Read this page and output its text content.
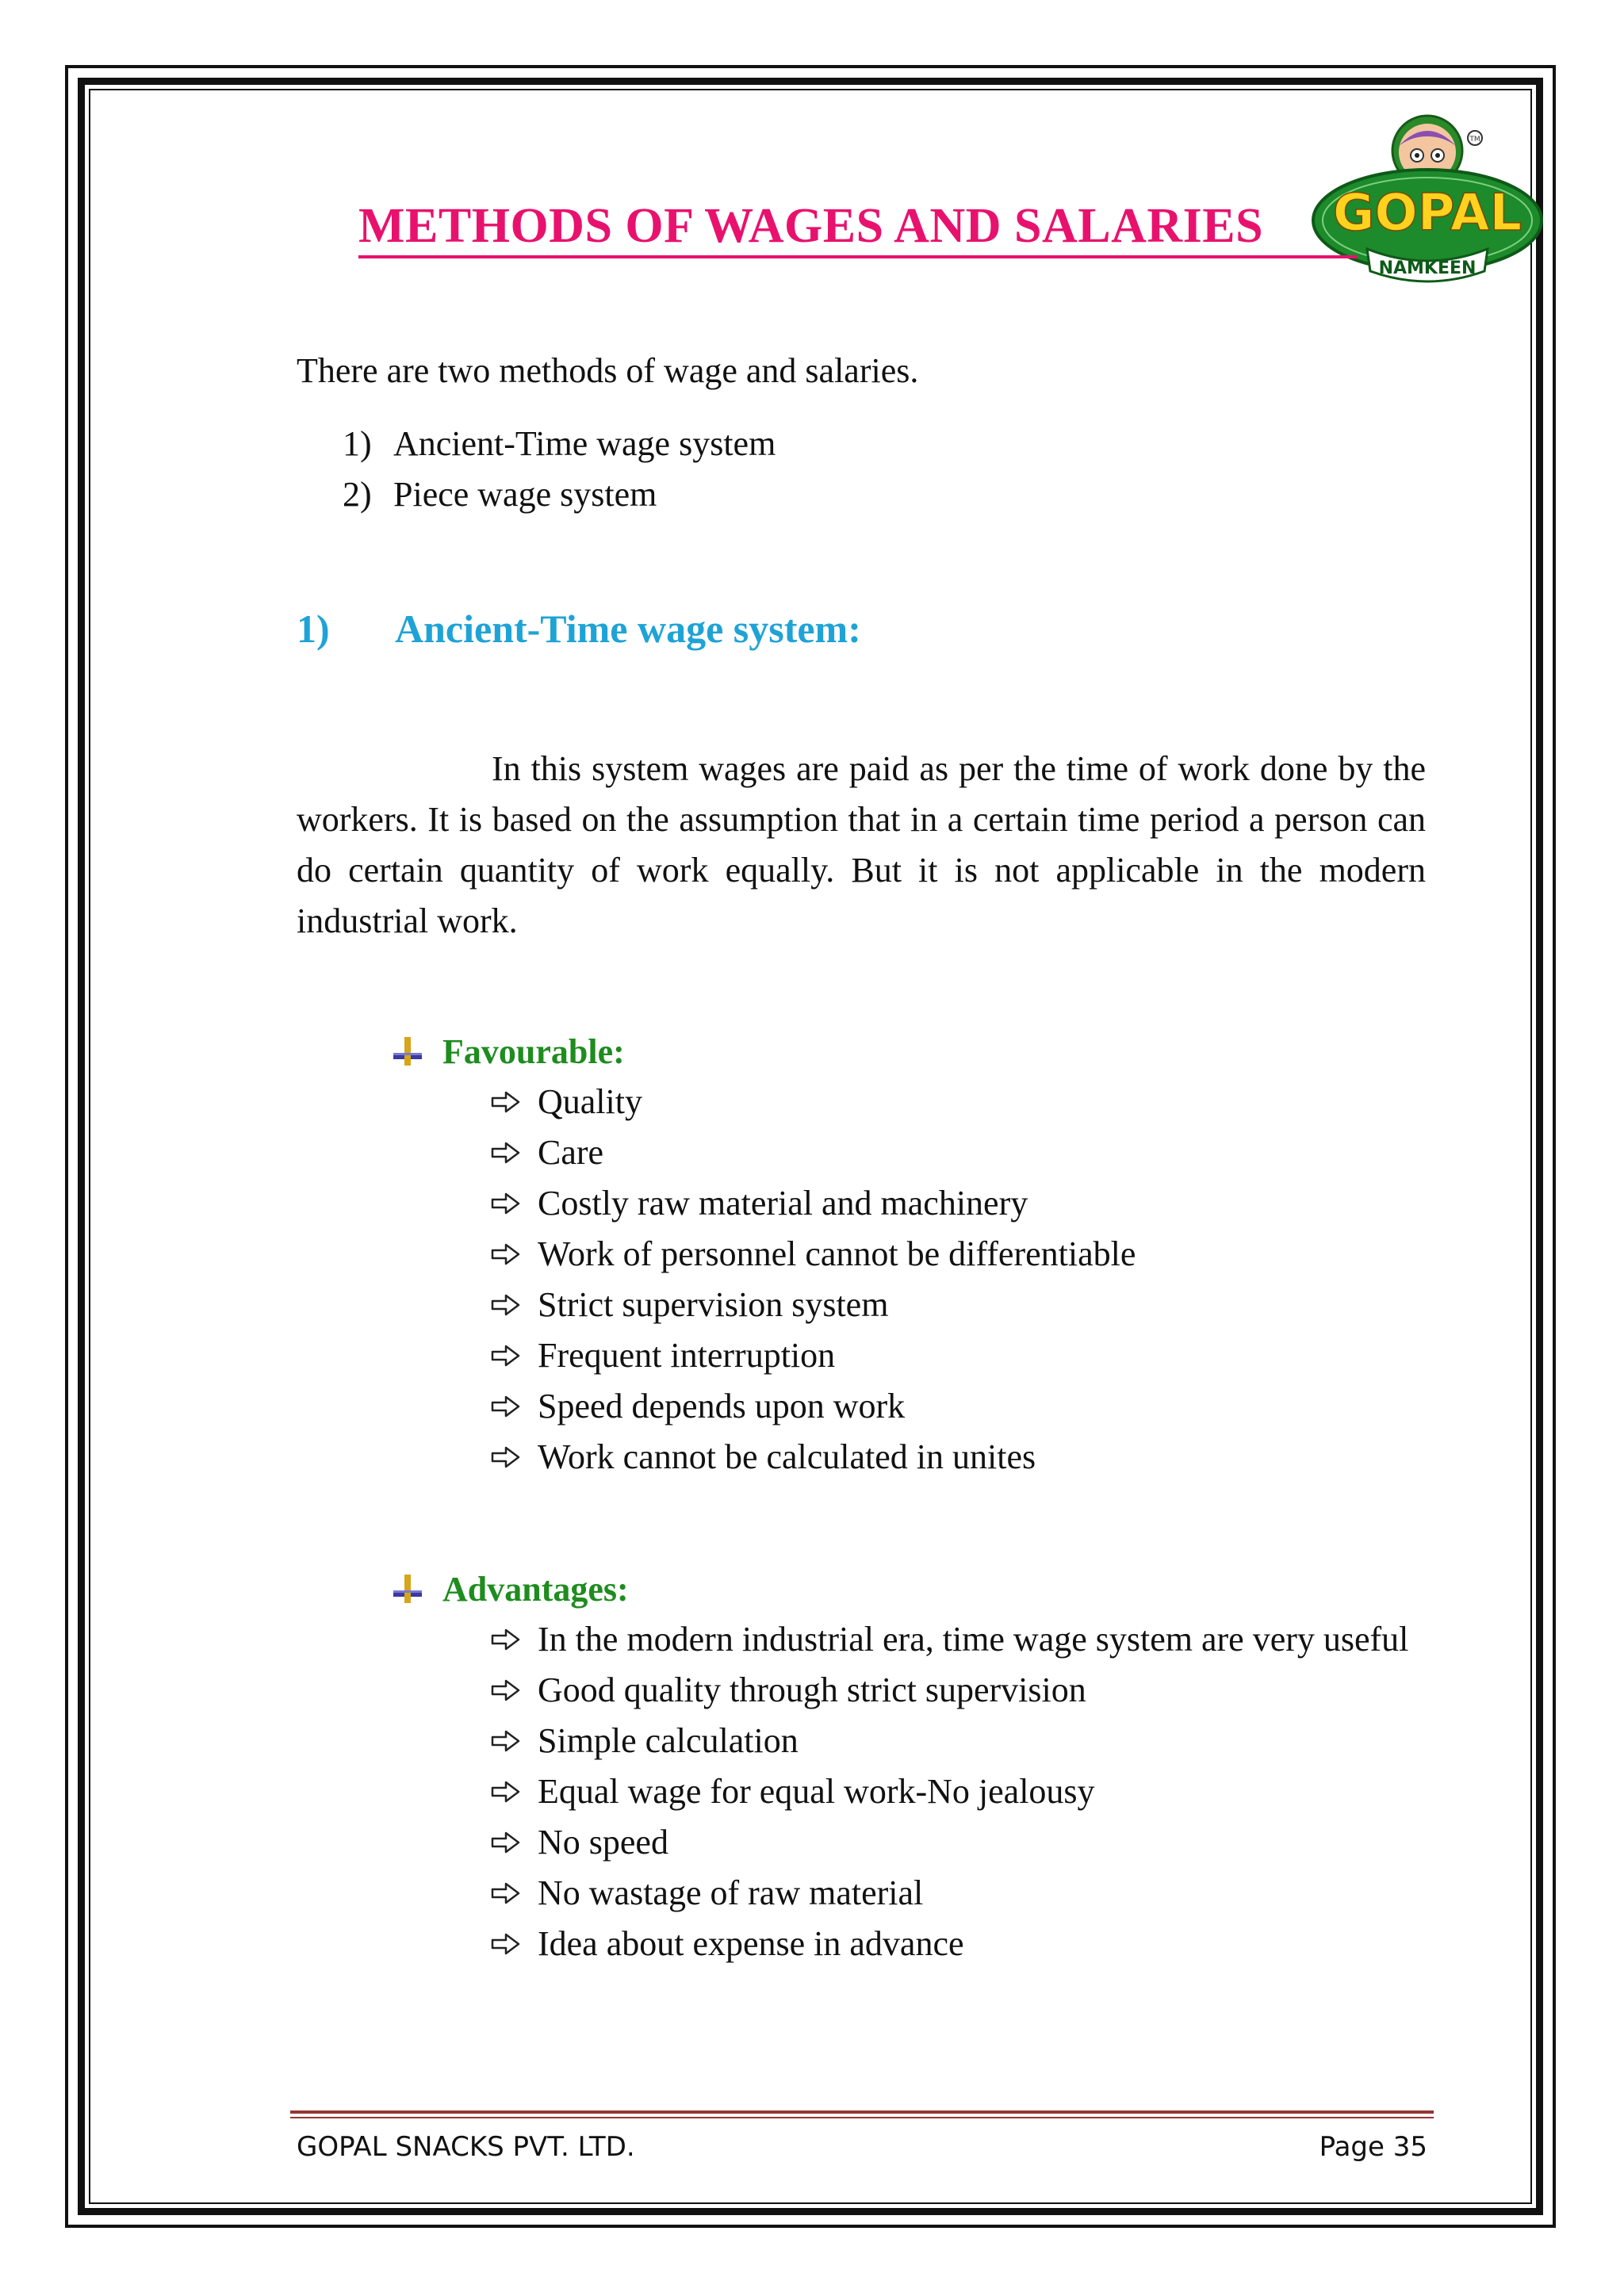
TM
GOPAL
NAMKEEN
METHODS OF WAGES AND SALARIES
There are two methods of wage and salaries.
1) Ancient-Time wage system
2) Piece wage system
1) Ancient-Time wage system:
In this system wages are paid as per the time of work done by the workers. It is based on the assumption that in a certain time period a person can do certain quantity of work equally. But it is not applicable in the modern industrial work.
Favourable:
Quality
Care
Costly raw material and machinery
Work of personnel cannot be differentiable
Strict supervision system
Frequent interruption
Speed depends upon work
Work cannot be calculated in unites
Advantages:
In the modern industrial era, time wage system are very useful
Good quality through strict supervision
Simple calculation
Equal wage for equal work-No jealousy
No speed
No wastage of raw material
Idea about expense in advance
GOPAL SNACKS PVT. LTD.	Page 35
